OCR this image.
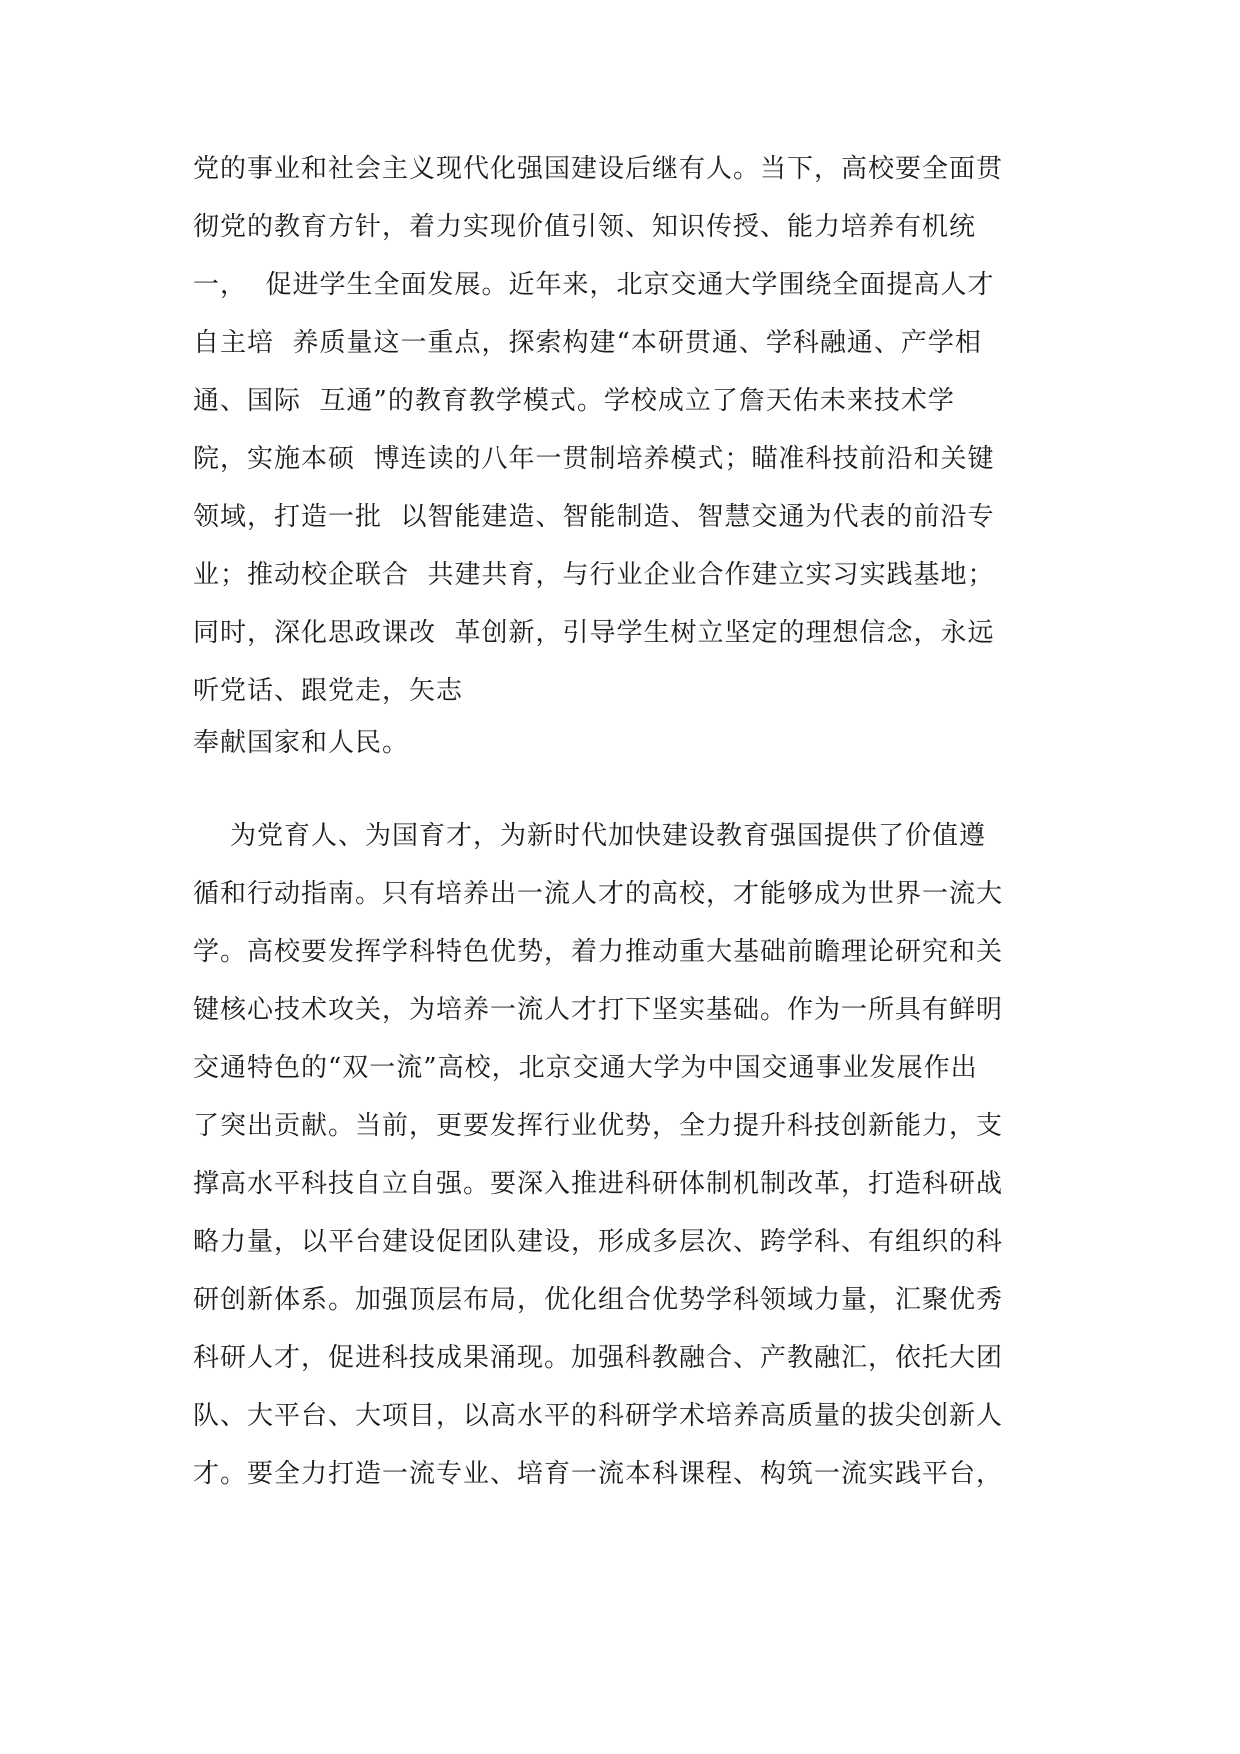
党的事业和社会主义现代化强国建设后继有人。当下，高校要全面贯

彻党的教育方针，着力实现价值引领、知识传授、能力培养有机统

一，  促进学生全面发展。近年来，北京交通大学围绕全面提高人才

自主培  养质量这一重点，探索构建“本研贯通、学科融通、产学相

通、国际  互通”的教育教学模式。学校成立了詹天佑未来技术学

院，实施本硕  博连读的八年一贯制培养模式；瞄准科技前沿和关键

领域，打造一批  以智能建造、智能制造、智慧交通为代表的前沿专

业；推动校企联合  共建共育，与行业企业合作建立实习实践基地；

同时，深化思政课改  革创新，引导学生树立坚定的理想信念，永远

听党话、跟党走，矢志

奉献国家和人民。

为党育人、为国育才，为新时代加快建设教育强国提供了价值遵

循和行动指南。只有培养出一流人才的高校，才能够成为世界一流大

学。高校要发挥学科特色优势，着力推动重大基础前瞻理论研究和关

键核心技术攻关，为培养一流人才打下坚实基础。作为一所具有鲜明

交通特色的“双一流”高校，北京交通大学为中国交通事业发展作出

了突出贡献。当前，更要发挥行业优势，全力提升科技创新能力，支

撑高水平科技自立自强。要深入推进科研体制机制改革，打造科研战

略力量，以平台建设促团队建设，形成多层次、跨学科、有组织的科

研创新体系。加强顶层布局，优化组合优势学科领域力量，汇聚优秀

科研人才，促进科技成果涌现。加强科教融合、产教融汇，依托大团

队、大平台、大项目，以高水平的科研学术培养高质量的拔尖创新人

才。要全力打造一流专业、培育一流本科课程、构筑一流实践平台，
